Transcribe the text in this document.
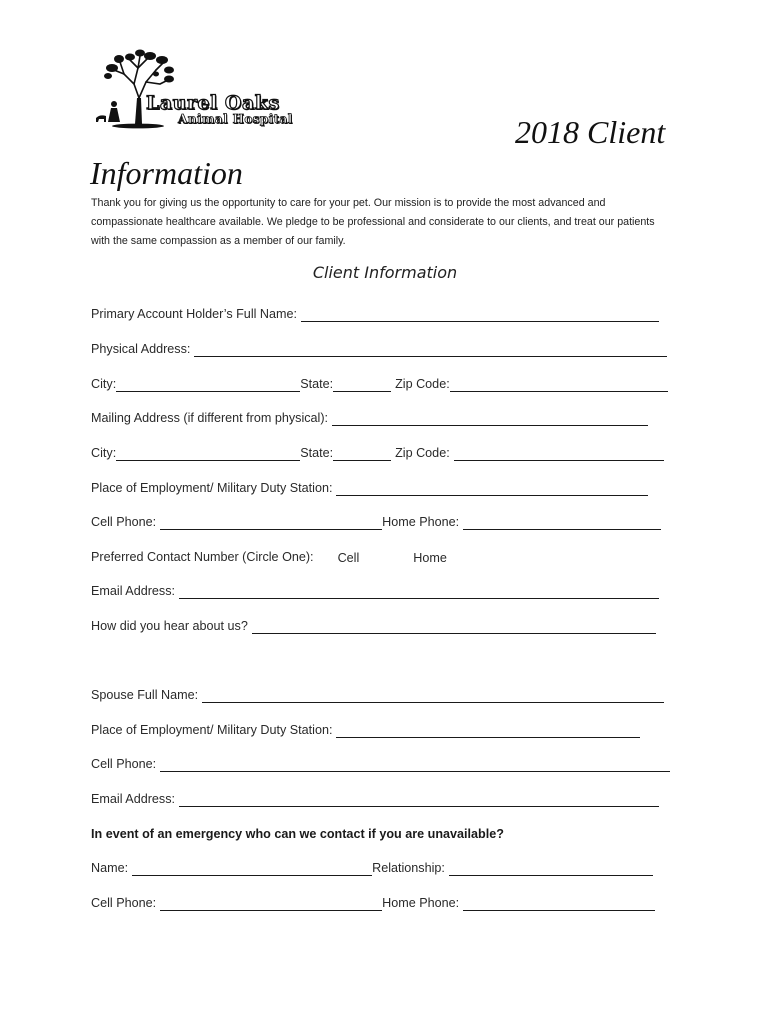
Laurel Oaks
Animal Hospital	2018 Client
Information
Thank you for giving us the opportunity to care for your pet. Our mission is to provide the most advanced and compassionate healthcare available. We pledge to be professional and considerate to our clients, and treat our patients with the same compassion as a member of our family.
Client Information
Primary Account Holder’s Full Name:
Physical Address:
City:	State:	Zip Code:
Mailing Address (if different from physical):
City:	State:	Zip Code:
Place of Employment/ Military Duty Station:
Cell Phone:	Home Phone:
Preferred Contact Number (Circle One): Cell	Home
Email Address:
How did you hear about us?
Spouse Full Name:
Place of Employment/ Military Duty Station:
Cell Phone:
Email Address:
In event of an emergency who can we contact if you are unavailable?
Name:	Relationship:
Cell Phone:	Home Phone:
